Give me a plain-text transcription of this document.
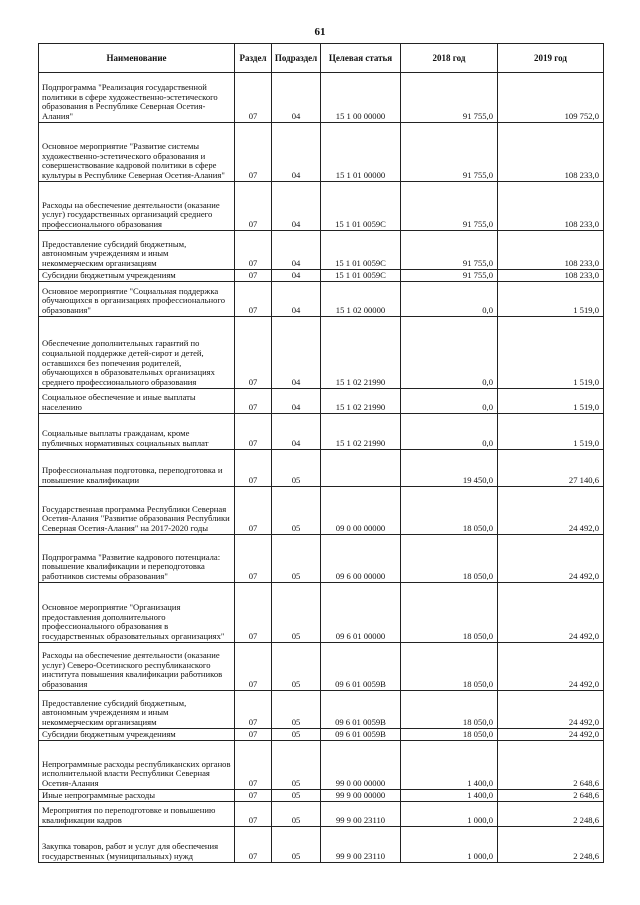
61
Наименование	Раздел	Подраздел	Целевая статья	2018 год	2019 год
Подпрограмма "Реализация государственной политики в сфере художественно-эстетического образования в Республике Северная Осетия-Алания"	07	04	15 1 00 00000	91 755,0	109 752,0
Основное мероприятие "Развитие системы художественно-эстетического образования и совершенствование кадровой политики в сфере культуры в Республике Северная Осетия-Алания"	07	04	15 1 01 00000	91 755,0	108 233,0
Расходы на обеспечение деятельности (оказание услуг) государственных организаций среднего профессионального образования	07	04	15 1 01 0059С	91 755,0	108 233,0
Предоставление субсидий бюджетным, автономным учреждениям и иным некоммерческим организациям	07	04	15 1 01 0059С	91 755,0	108 233,0
Субсидии бюджетным учреждениям	07	04	15 1 01 0059С	91 755,0	108 233,0
Основное мероприятие "Социальная поддержка обучающихся в организациях профессионального образования"	07	04	15 1 02 00000	0,0	1 519,0
Обеспечение дополнительных гарантий по социальной поддержке детей-сирот и детей, оставшихся без попечения родителей, обучающихся в образовательных организациях среднего профессионального образования	07	04	15 1 02 21990	0,0	1 519,0
Социальное обеспечение и иные выплаты населению	07	04	15 1 02 21990	0,0	1 519,0
Социальные выплаты гражданам, кроме публичных нормативных социальных выплат	07	04	15 1 02 21990	0,0	1 519,0
Профессиональная подготовка, переподготовка и повышение квалификации	07	05		19 450,0	27 140,6
Государственная программа Республики Северная Осетия-Алания "Развитие образования Республики Северная Осетия-Алания" на 2017-2020 годы	07	05	09 0 00 00000	18 050,0	24 492,0
Подпрограмма "Развитие кадрового потенциала: повышение квалификации и переподготовка работников системы образования"	07	05	09 6 00 00000	18 050,0	24 492,0
Основное мероприятие "Организация предоставления дополнительного профессионального образования в государственных образовательных организациях"	07	05	09 6 01 00000	18 050,0	24 492,0
Расходы на обеспечение деятельности (оказание услуг) Северо-Осетинского республиканского института повышения квалификации работников образования	07	05	09 6 01 0059В	18 050,0	24 492,0
Предоставление субсидий бюджетным, автономным учреждениям и иным некоммерческим организациям	07	05	09 6 01 0059В	18 050,0	24 492,0
Субсидии бюджетным учреждениям	07	05	09 6 01 0059В	18 050,0	24 492,0
Непрограммные расходы республиканских органов исполнительной власти Республики Северная Осетия-Алания	07	05	99 0 00 00000	1 400,0	2 648,6
Иные непрограммные расходы	07	05	99 9 00 00000	1 400,0	2 648,6
Мероприятия по переподготовке и повышению квалификации кадров	07	05	99 9 00 23110	1 000,0	2 248,6
Закупка товаров, работ и услуг для обеспечения государственных (муниципальных) нужд	07	05	99 9 00 23110	1 000,0	2 248,6
